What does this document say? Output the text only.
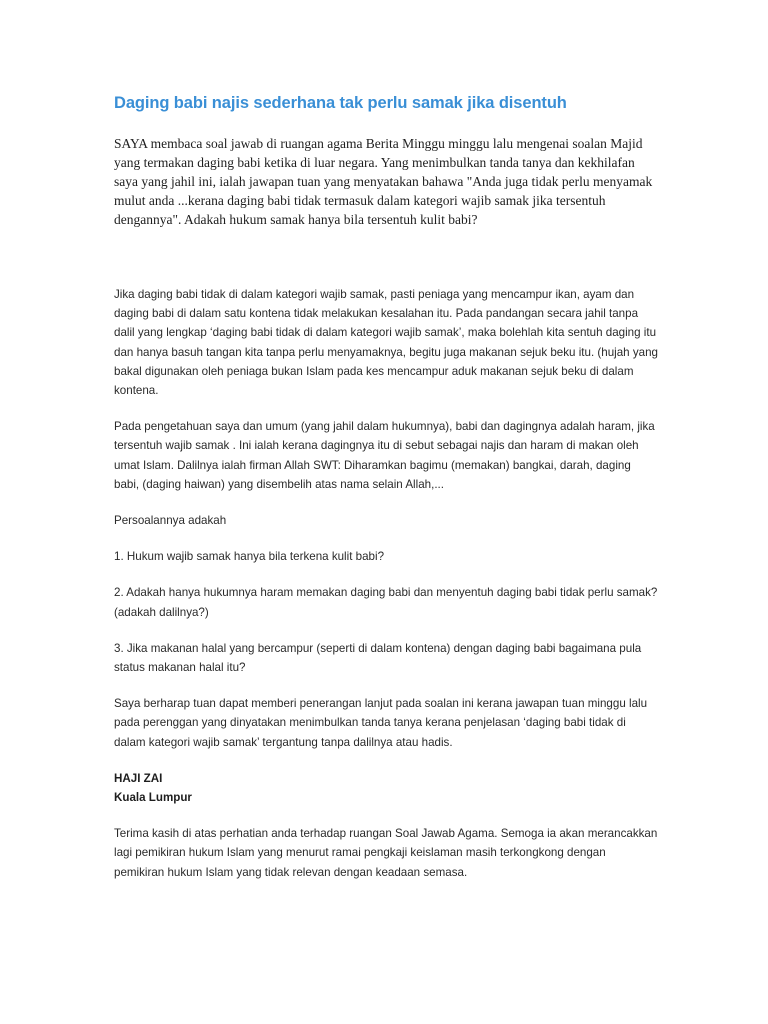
Daging babi najis sederhana tak perlu samak jika disentuh

SAYA membaca soal jawab di ruangan agama Berita Minggu minggu lalu mengenai soalan Majid yang termakan daging babi ketika di luar negara. Yang menimbulkan tanda tanya dan kekhilafan saya yang jahil ini, ialah jawapan tuan yang menyatakan bahawa "Anda juga tidak perlu menyamak mulut anda ...kerana daging babi tidak termasuk dalam kategori wajib samak jika tersentuh dengannya". Adakah hukum samak hanya bila tersentuh kulit babi?

Jika daging babi tidak di dalam kategori wajib samak, pasti peniaga yang mencampur ikan, ayam dan daging babi di dalam satu kontena tidak melakukan kesalahan itu. Pada pandangan secara jahil tanpa dalil yang lengkap ‘daging babi tidak di dalam kategori wajib samak’, maka bolehlah kita sentuh daging itu dan hanya basuh tangan kita tanpa perlu menyamaknya, begitu juga makanan sejuk beku itu. (hujah yang bakal digunakan oleh peniaga bukan Islam pada kes mencampur aduk makanan sejuk beku di dalam kontena.

Pada pengetahuan saya dan umum (yang jahil dalam hukumnya), babi dan dagingnya adalah haram, jika tersentuh wajib samak . Ini ialah kerana dagingnya itu di sebut sebagai najis dan haram di makan oleh umat Islam. Dalilnya ialah firman Allah SWT: Diharamkan bagimu (memakan) bangkai, darah, daging babi, (daging haiwan) yang disembelih atas nama selain Allah,...

Persoalannya adakah

1. Hukum wajib samak hanya bila terkena kulit babi?

2. Adakah hanya hukumnya haram memakan daging babi dan menyentuh daging babi tidak perlu samak? (adakah dalilnya?)

3. Jika makanan halal yang bercampur (seperti di dalam kontena) dengan daging babi bagaimana pula status makanan halal itu?

Saya berharap tuan dapat memberi penerangan lanjut pada soalan ini kerana jawapan tuan minggu lalu pada perenggan yang dinyatakan menimbulkan tanda tanya kerana penjelasan ‘daging babi tidak di dalam kategori wajib samak’ tergantung tanpa dalilnya atau hadis.

HAJI ZAI
Kuala Lumpur

Terima kasih di atas perhatian anda terhadap ruangan Soal Jawab Agama. Semoga ia akan merancakkan lagi pemikiran hukum Islam yang menurut ramai pengkaji keislaman masih terkongkong dengan pemikiran hukum Islam yang tidak relevan dengan keadaan semasa.
